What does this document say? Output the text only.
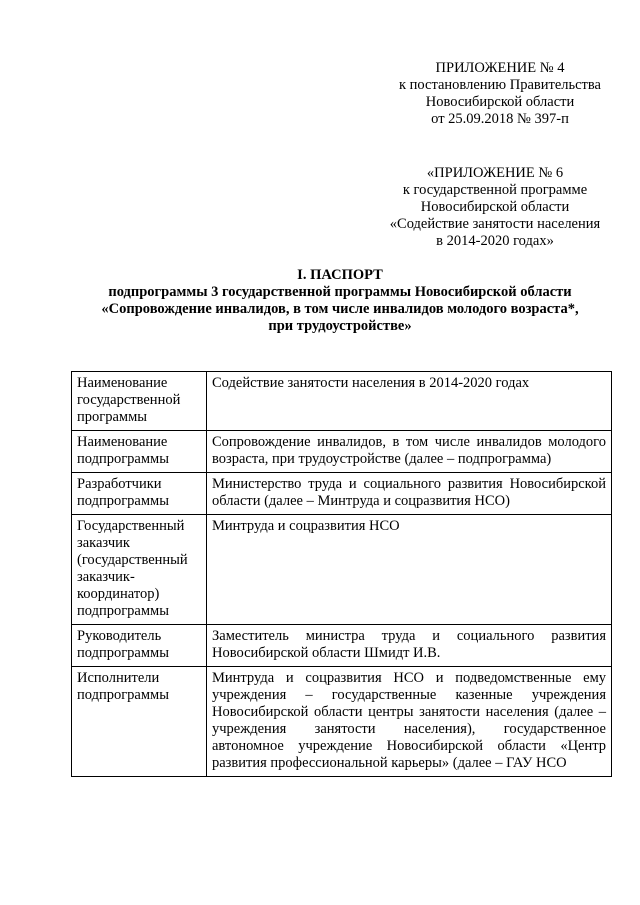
ПРИЛОЖЕНИЕ № 4
к постановлению Правительства
Новосибирской области
от 25.09.2018 № 397-п
«ПРИЛОЖЕНИЕ № 6
к государственной программе
Новосибирской области
«Содействие занятости населения
в 2014-2020 годах»
I. ПАСПОРТ
подпрограммы 3 государственной программы Новосибирской области
«Сопровождение инвалидов, в том числе инвалидов молодого возраста*,
при трудоустройстве»
Наименование государственной программы	Содействие занятости населения в 2014-2020 годах
Наименование подпрограммы	Сопровождение инвалидов, в том числе инвалидов молодого возраста, при трудоустройстве (далее – подпрограмма)
Разработчики подпрограммы	Министерство труда и социального развития Новосибирской области (далее – Минтруда и соцразвития НСО)
Государственный заказчик (государственный заказчик-координатор) подпрограммы	Минтруда и соцразвития НСО
Руководитель подпрограммы	Заместитель министра труда и социального развития Новосибирской области Шмидт И.В.
Исполнители подпрограммы	Минтруда и соцразвития НСО и подведомственные ему учреждения – государственные казенные учреждения Новосибирской области центры занятости населения (далее – учреждения занятости населения), государственное автономное учреждение Новосибирской области «Центр развития профессиональной карьеры» (далее – ГАУ НСО
